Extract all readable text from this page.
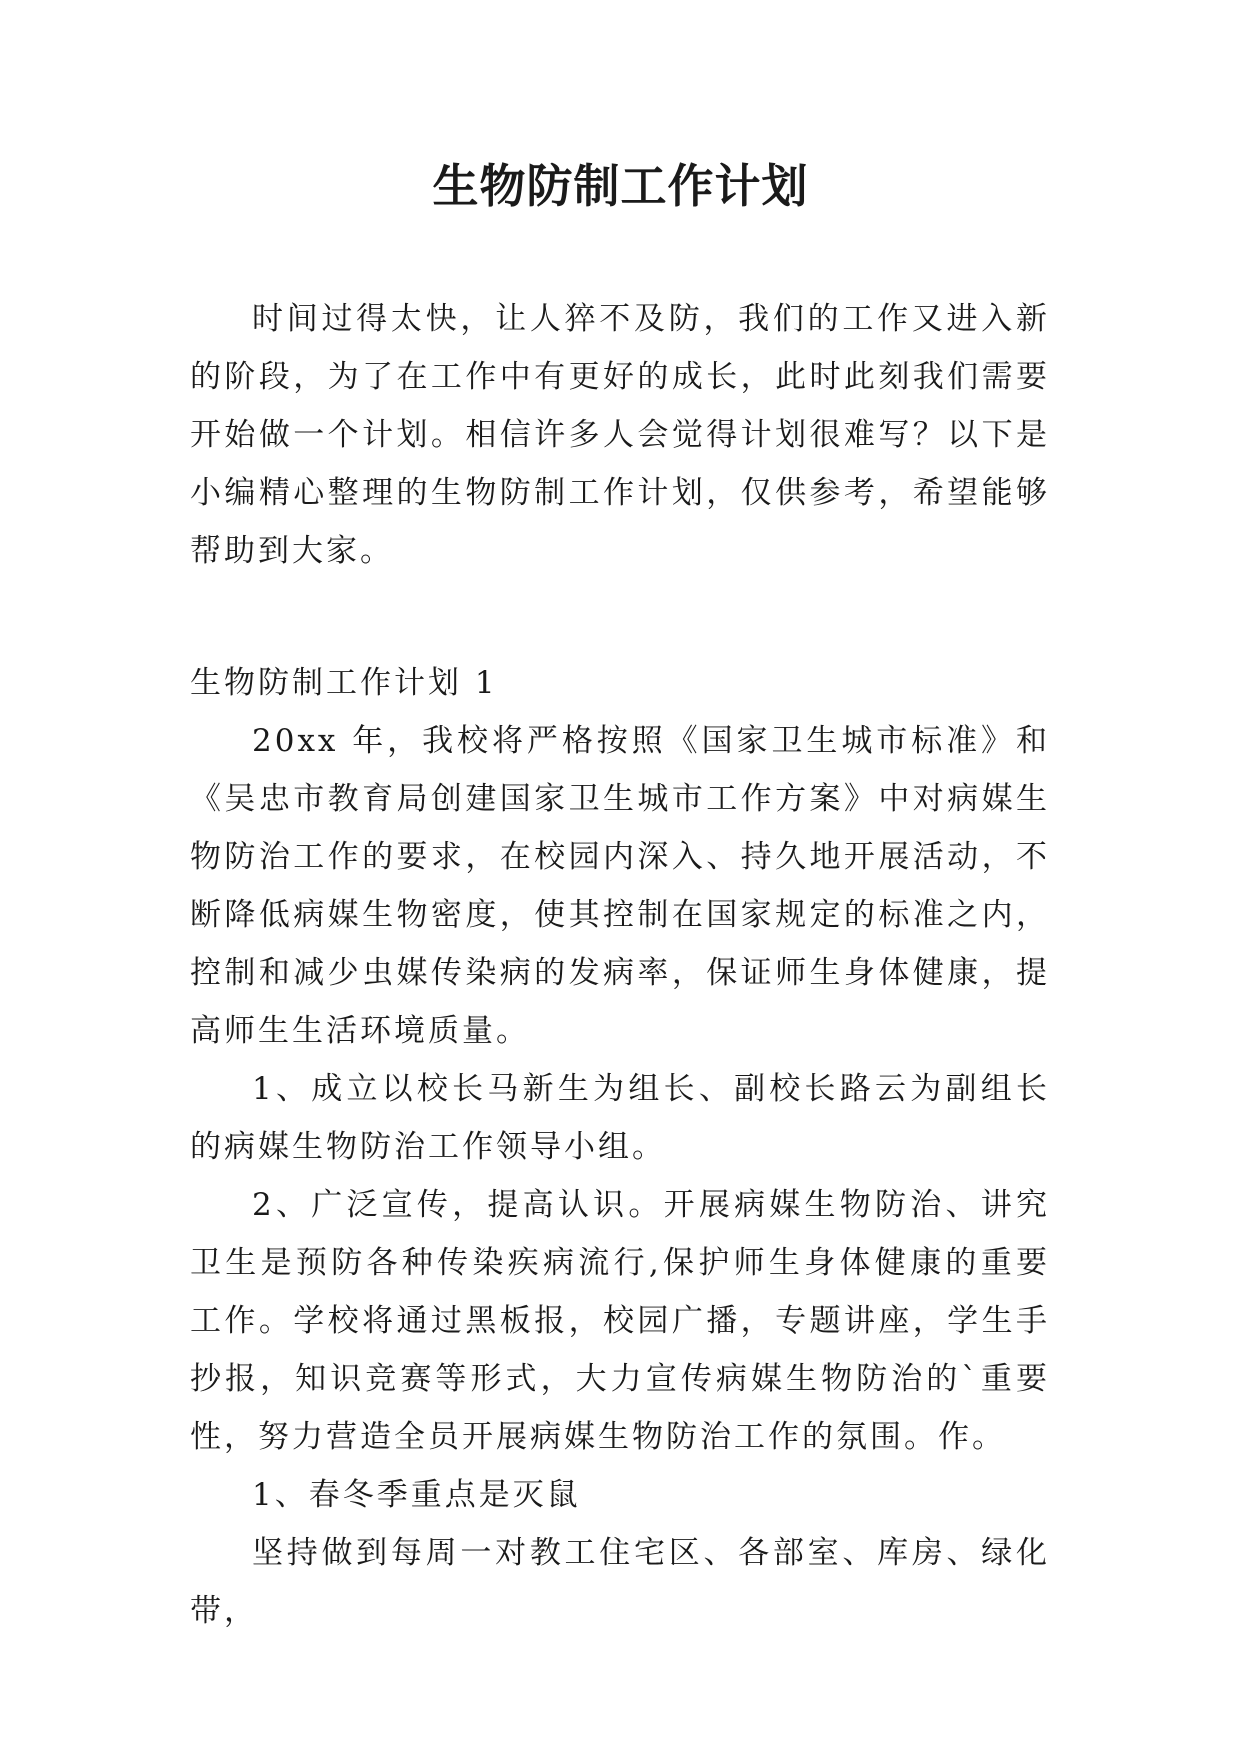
生物防制工作计划

时间过得太快，让人猝不及防，我们的工作又进入新的阶段，为了在工作中有更好的成长，此时此刻我们需要开始做一个计划。相信许多人会觉得计划很难写？以下是小编精心整理的生物防制工作计划，仅供参考，希望能够帮助到大家。

生物防制工作计划 1

20xx 年，我校将严格按照《国家卫生城市标准》和《吴忠市教育局创建国家卫生城市工作方案》中对病媒生物防治工作的要求，在校园内深入、持久地开展活动，不断降低病媒生物密度，使其控制在国家规定的标准之内，控制和减少虫媒传染病的发病率，保证师生身体健康，提高师生生活环境质量。

1、成立以校长马新生为组长、副校长路云为副组长的病媒生物防治工作领导小组。

2、广泛宣传，提高认识。开展病媒生物防治、讲究卫生是预防各种传染疾病流行,保护师生身体健康的重要工作。学校将通过黑板报，校园广播，专题讲座，学生手抄报，知识竞赛等形式，大力宣传病媒生物防治的`重要性，努力营造全员开展病媒生物防治工作的氛围。作。

1、春冬季重点是灭鼠

坚持做到每周一对教工住宅区、各部室、库房、绿化带，
